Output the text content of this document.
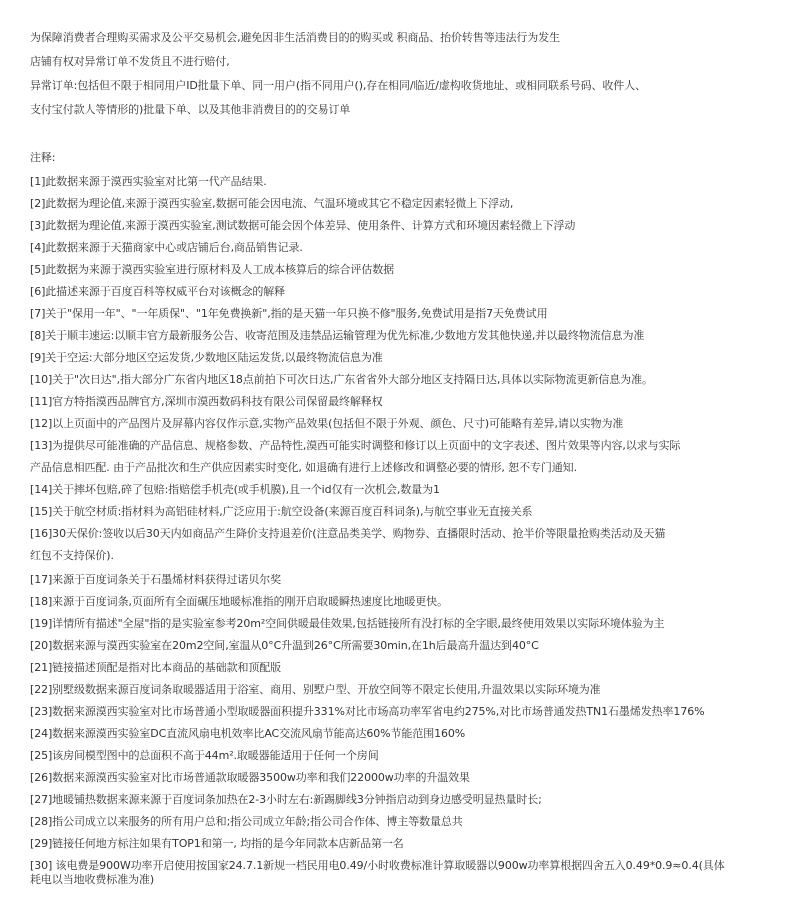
为保障消费者合理购买需求及公平交易机会,避免因非生活消费目的的购买或 积商品、抬价转售等违法行为发生
店铺有权对异常订单不发货且不进行赔付,
异常订单:包括但不限于相同用户ID批量下单、同一用户(指不同用户(),存在相同/临近/虚构收货地址、或相同联系号码、收件人、
支付宝付款人等情形的)批量下单、以及其他非消费目的的交易订单
注释:
[1]此数据来源于漠西实验室对比第一代产品结果.
[2]此数据为理论值,来源于漠西实验室,数据可能会因电流、气温环境或其它不稳定因素轻微上下浮动,
[3]此数据为理论值,来源于漠西实验室,测试数据可能会因个体差异、使用条件、计算方式和环境因素轻微上下浮动
[4]此数据来源于天猫商家中心或店铺后台,商品销售记录.
[5]此数据为来源于漠西实验室进行原材料及人工成本核算后的综合评估数据
[6]此描述来源于百度百科等权威平台对该概念的解释
[7]关于"保用一年"、"一年质保"、"1年免费换新",指的是天猫一年只换不修"服务,免费试用是指7天免费试用
[8]关于顺丰速运:以顺丰官方最新服务公告、收寄范围及违禁品运输管理为优先标准,少数地方发其他快递,并以最终物流信息为准
[9]关于空运:大部分地区空运发货,少数地区陆运发货,以最终物流信息为准
[10]关于"次日达",指大部分广东省内地区18点前拍下可次日达,广东省省外大部分地区支持隔日达,具体以实际物流更新信息为准。
[11]官方特指漠西品牌官方,深圳市漠西数码科技有限公司保留最终解释权
[12]以上页面中的产品图片及屏幕内容仅作示意,实物产品效果(包括但不限于外观、颜色、尺寸)可能略有差异,请以实物为准
[13]为提供尽可能准确的产品信息、规格参数、产品特性,漠西可能实时调整和修订以上页面中的文字表述、图片效果等内容,以求与实际
产品信息相匹配. 由于产品批次和生产供应因素实时变化, 如退确有进行上述修改和调整必要的情形, 恕不专门通知.
[14]关于摔坏包赔,碎了包赔:指赔偿手机壳(或手机膜),且一个id仅有一次机会,数量为1
[15]关于航空材质:指材料为高铝硅材料,广泛应用于:航空设备(来源百度百科词条),与航空事业无直接关系
[16]30天保价:签收以后30天内如商品产生降价支持退差价(注意品类美学、购物券、直播限时活动、抢半价等限量抢购类活动及天猫
红包不支持保价).
[17]来源于百度词条关于石墨烯材料获得过诺贝尔奖
[18]来源于百度词条,页面所有全面碾压地暖标准指的刚开启取暖瞬热速度比地暖更快。
[19]详情所有描述"全屋"指的是实验室参考20m²空间供暖最佳效果,包括链接所有没打标的全字眼,最终使用效果以实际环境体验为主
[20]数据来源与漠西实验室在20m2空间,室温从0°C升温到26°C所需要30min,在1h后最高升温达到40°C
[21]链接描述顶配是指对比本商品的基础款和顶配版
[22]别墅级数据来源百度词条取暖器适用于浴室、商用、别墅户型、开放空间等不限定长使用,升温效果以实际环境为准
[23]数据来源漠西实验室对比市场普通小型取暖器面积提升331%对比市场高功率军省电约275%,对比市场普通发热TN1石墨烯发热率176%
[24]数据来源漠西实验室DC直流风扇电机效率比AC交流风扇节能高达60%节能范围160%
[25]该房间模型图中的总面积不高于44m².取暖器能适用于任何一个房间
[26]数据来源漠西实验室对比市场普通款取暖器3500w功率和我们22000w功率的升温效果
[27]地暖铺热数据来源来源于百度词条加热在2-3小时左右:新踢脚线3分钟指启动到身边感受明显热量时长;
[28]指公司成立以来服务的所有用户总和;指公司成立年龄;指公司合作体、博主等数量总共
[29]链接任何地方标注如果有TOP1和第一, 均指的是今年同款本店新品第一名
[30] 该电费是900W功率开启使用按国家24.7.1新规一档民用电0.49/小时收费标准计算取暖器以900w功率算根据四舍五入0.49*0.9≈0.4(具体
耗电以当地收费标准为准)
